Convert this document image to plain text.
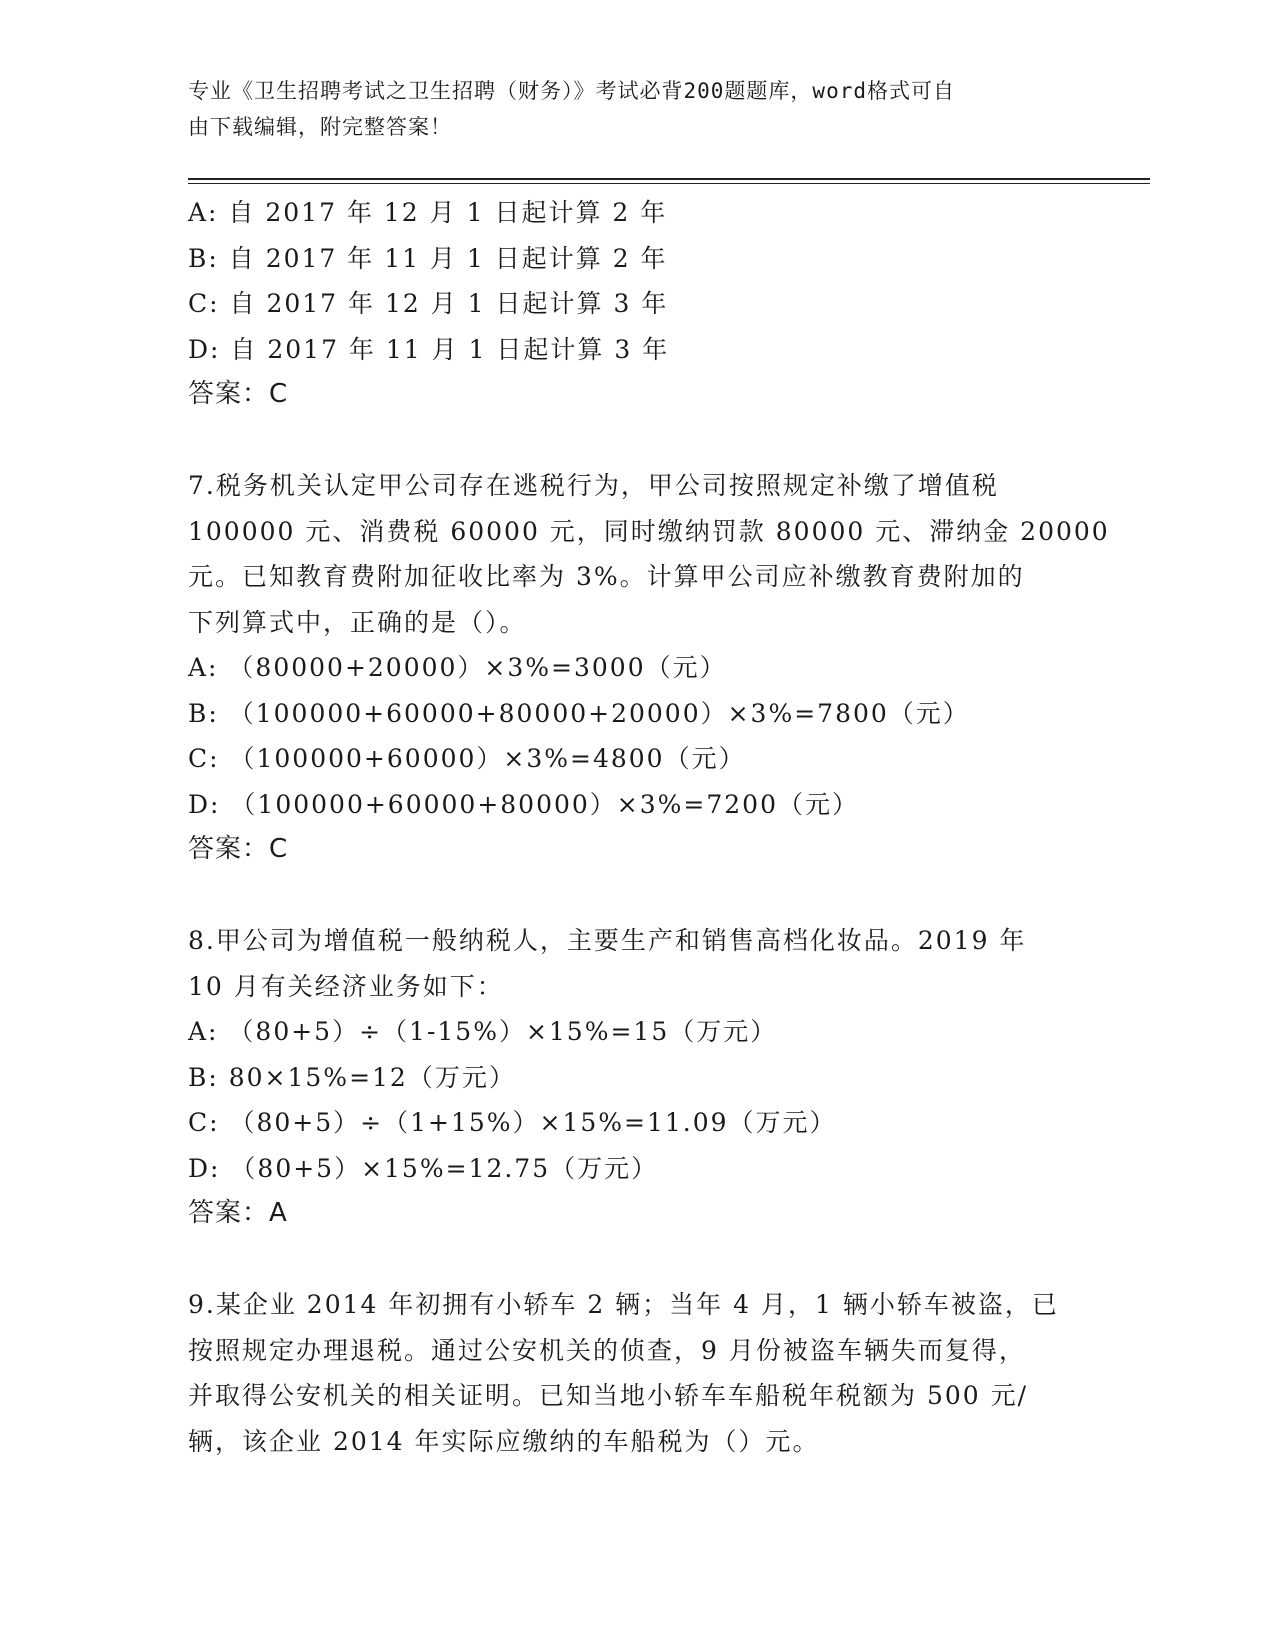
专业《卫生招聘考试之卫生招聘（财务）》考试必背200题题库，word格式可自
由下载编辑，附完整答案！
A: 自 2017 年 12 月 1 日起计算 2 年
B: 自 2017 年 11 月 1 日起计算 2 年
C: 自 2017 年 12 月 1 日起计算 3 年
D: 自 2017 年 11 月 1 日起计算 3 年
答案：C
7.税务机关认定甲公司存在逃税行为，甲公司按照规定补缴了增值税
100000 元、消费税 60000 元，同时缴纳罚款 80000 元、滞纳金 20000
元。已知教育费附加征收比率为 3%。计算甲公司应补缴教育费附加的
下列算式中，正确的是（）。
A: （80000+20000）×3%=3000（元）
B: （100000+60000+80000+20000）×3%=7800（元）
C: （100000+60000）×3%=4800（元）
D: （100000+60000+80000）×3%=7200（元）
答案：C
8.甲公司为增值税一般纳税人，主要生产和销售高档化妆品。2019 年
10 月有关经济业务如下：
A: （80+5）÷（1-15%）×15%=15（万元）
B: 80×15%=12（万元）
C: （80+5）÷（1+15%）×15%=11.09（万元）
D: （80+5）×15%=12.75（万元）
答案：A
9.某企业 2014 年初拥有小轿车 2 辆；当年 4 月，1 辆小轿车被盗，已
按照规定办理退税。通过公安机关的侦查，9 月份被盗车辆失而复得，
并取得公安机关的相关证明。已知当地小轿车车船税年税额为 500 元/
辆，该企业 2014 年实际应缴纳的车船税为（）元。
